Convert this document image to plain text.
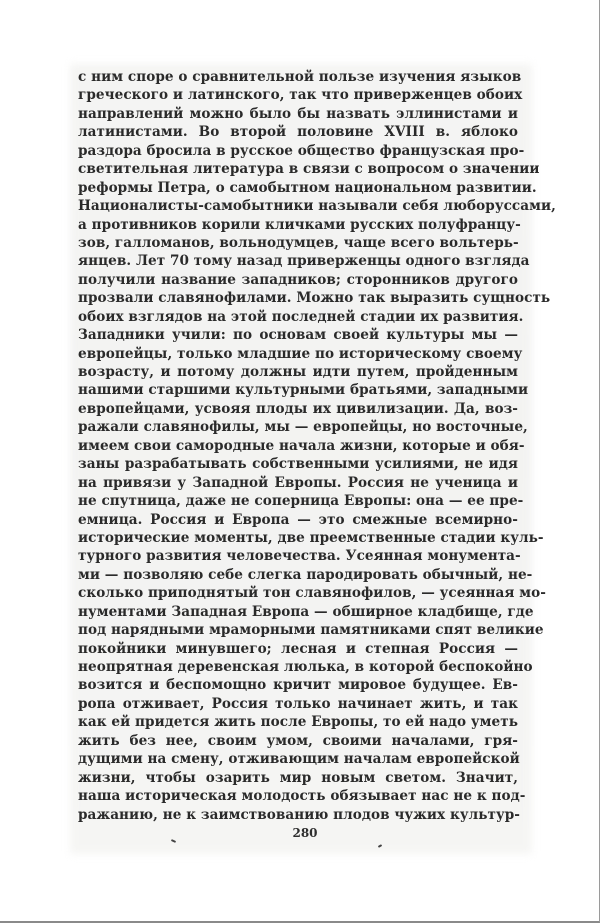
с ним споре о сравнительной пользе изучения языков
греческого и латинского, так что приверженцев обоих
направлений можно было бы назвать эллинистами и
латинистами. Во второй половине XVIII в. яблоко
раздора бросила в русское общество французская про-
светительная литература в связи с вопросом о значении
реформы Петра, о самобытном национальном развитии.
Националисты-самобытники называли себя люборуссами,
а противников корили кличками русских полуфранцу-
зов, галломанов, вольнодумцев, чаще всего вольтерь-
янцев. Лет 70 тому назад приверженцы одного взгляда
получили название западников; сторонников другого
прозвали славянофилами. Можно так выразить сущность
обоих взглядов на этой последней стадии их развития.
Западники учили: по основам своей культуры мы —
европейцы, только младшие по историческому своему
возрасту, и потому должны идти путем, пройденным
нашими старшими культурными братьями, западными
европейцами, усвояя плоды их цивилизации. Да, воз-
ражали славянофилы, мы — европейцы, но восточные,
имеем свои самородные начала жизни, которые и обя-
заны разрабатывать собственными усилиями, не идя
на привязи у Западной Европы. Россия не ученица и
не спутница, даже не соперница Европы: она — ее пре-
емница. Россия и Европа — это смежные всемирно-
исторические моменты, две преемственные стадии куль-
турного развития человечества. Усеянная монумента-
ми — позволяю себе слегка пародировать обычный, не-
сколько приподнятый тон славянофилов, — усеянная мо-
нументами Западная Европа — обширное кладбище, где
под нарядными мраморными памятниками спят великие
покойники минувшего; лесная и степная Россия —
неопрятная деревенская люлька, в которой беспокойно
возится и беспомощно кричит мировое будущее. Ев-
ропа отживает, Россия только начинает жить, и так
как ей придется жить после Европы, то ей надо уметь
жить без нее, своим умом, своими началами, гря-
дущими на смену, отживающим началам европейской
жизни, чтобы озарить мир новым светом. Значит,
наша историческая молодость обязывает нас не к под-
ражанию, не к заимствованию плодов чужих культур-
280
